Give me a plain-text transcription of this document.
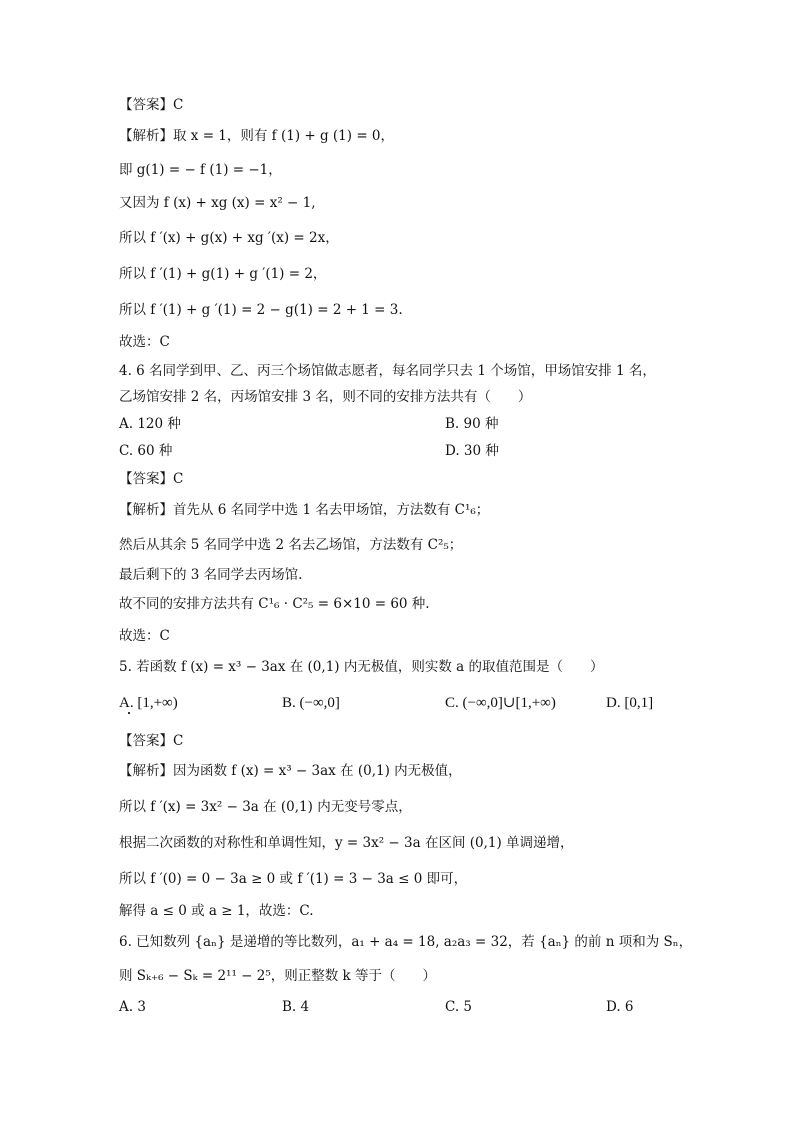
【答案】C
【解析】取 x = 1，则有 f (1) + g (1) = 0，
即 g(1) = − f (1) = −1，
又因为 f (x) + xg (x) = x² − 1,
所以 f ′(x) + g(x) + xg ′(x) = 2x，
所以 f ′(1) + g(1) + g ′(1) = 2，
所以 f ′(1) + g ′(1) = 2 − g(1) = 2 + 1 = 3.
故选：C
4. 6 名同学到甲、乙、丙三个场馆做志愿者，每名同学只去 1 个场馆，甲场馆安排 1 名，
乙场馆安排 2 名，丙场馆安排 3 名，则不同的安排方法共有（　　）
A. 120 种	B. 90 种
C. 60 种	D. 30 种
【答案】C
【解析】首先从 6 名同学中选 1 名去甲场馆，方法数有 C¹₆；
然后从其余 5 名同学中选 2 名去乙场馆，方法数有 C²₅；
最后剩下的 3 名同学去丙场馆.
故不同的安排方法共有 C¹₆ · C²₅ = 6×10 = 60 种.
故选：C
5. 若函数 f (x) = x³ − 3ax 在 (0,1) 内无极值，则实数 a 的取值范围是（　　）
A. [1,+∞)	B. (−∞,0]	C. (−∞,0]∪[1,+∞)	D. [0,1]
【答案】C
【解析】因为函数 f (x) = x³ − 3ax 在 (0,1) 内无极值，
所以 f ′(x) = 3x² − 3a 在 (0,1) 内无变号零点，
根据二次函数的对称性和单调性知，y = 3x² − 3a 在区间 (0,1) 单调递增，
所以 f ′(0) = 0 − 3a ≥ 0 或 f ′(1) = 3 − 3a ≤ 0 即可，
解得 a ≤ 0 或 a ≥ 1，故选：C.
6. 已知数列 {aₙ} 是递增的等比数列，a₁ + a₄ = 18, a₂a₃ = 32，若 {aₙ} 的前 n 项和为 Sₙ，
则 Sₖ₊₆ − Sₖ = 2¹¹ − 2⁵，则正整数 k 等于（　　）
A. 3	B. 4	C. 5	D. 6
